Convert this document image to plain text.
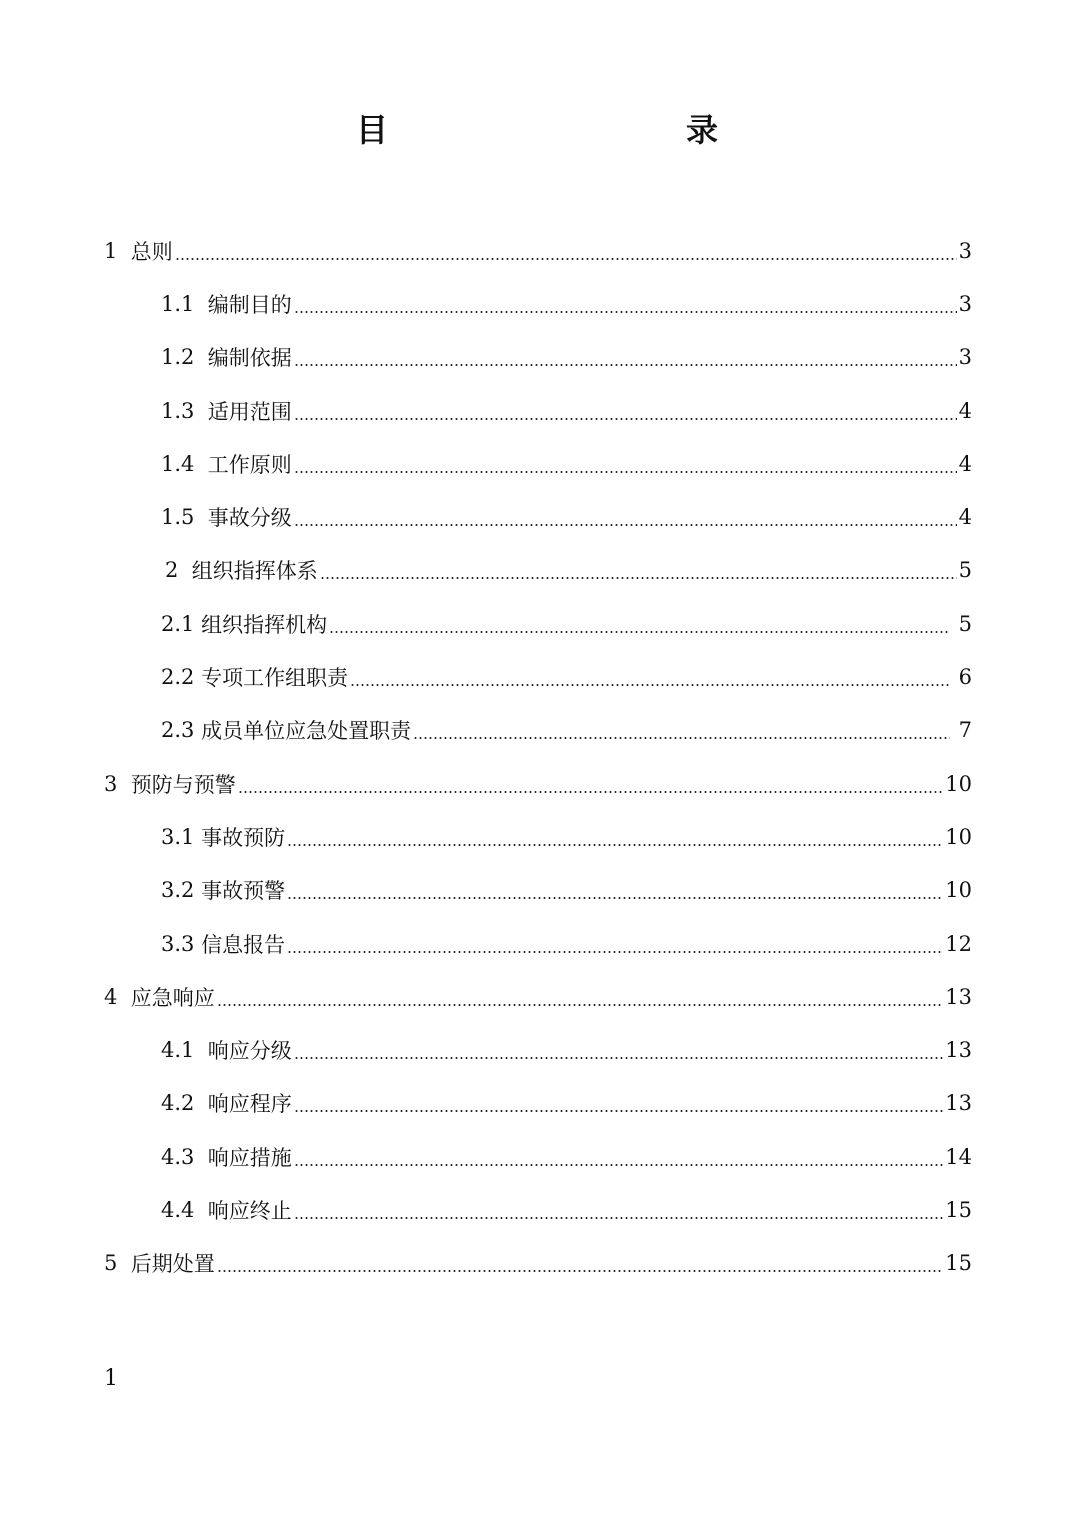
目　　录
1 总则	3
1.1 编制目的	3
1.2 编制依据	3
1.3 适用范围	4
1.4 工作原则	4
1.5 事故分级	4
2 组织指挥体系	5
2.1 组织指挥机构	5
2.2 专项工作组职责	6
2.3 成员单位应急处置职责	7
3 预防与预警	10
3.1 事故预防	10
3.2 事故预警	10
3.3 信息报告	12
4 应急响应	13
4.1 响应分级	13
4.2 响应程序	13
4.3 响应措施	14
4.4 响应终止	15
5 后期处置	15
1
